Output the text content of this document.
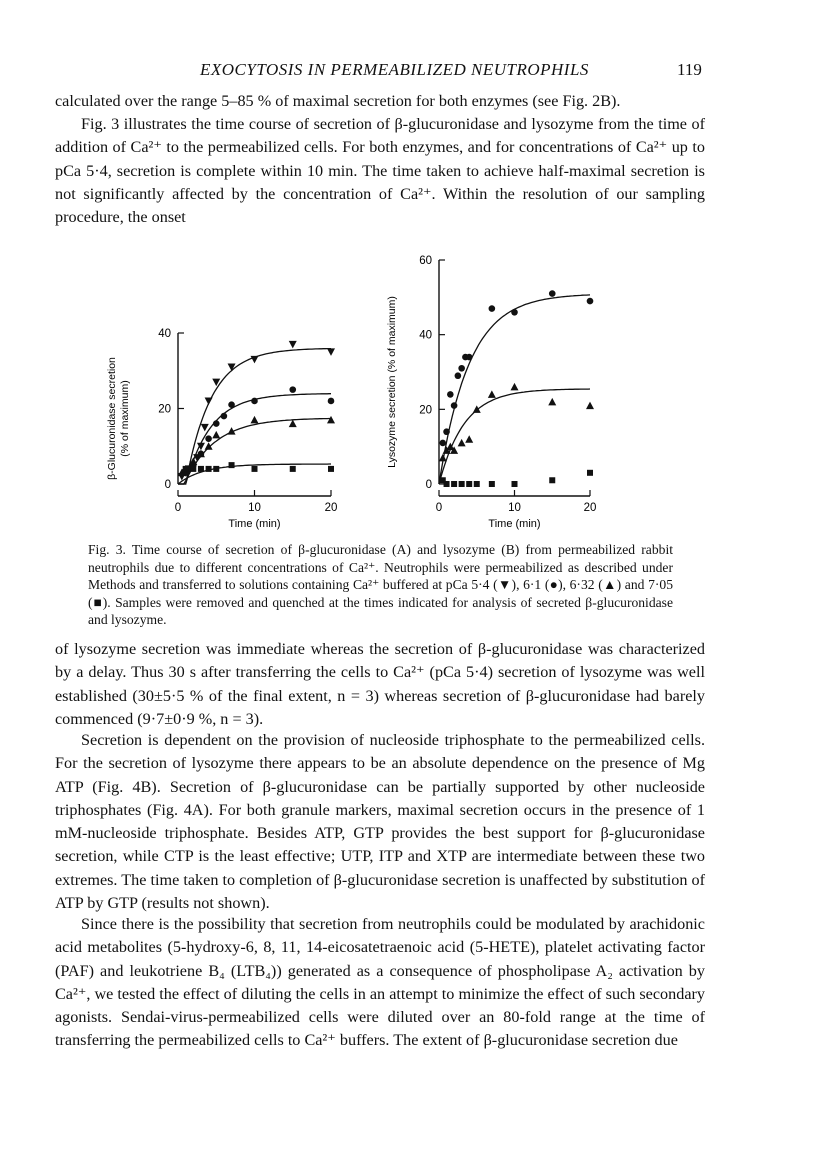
EXOCYTOSIS IN PERMEABILIZED NEUTROPHILS	119

calculated over the range 5–85 % of maximal secretion for both enzymes (see Fig. 2B).

Fig. 3 illustrates the time course of secretion of β-glucuronidase and lysozyme from the time of addition of Ca²⁺ to the permeabilized cells. For both enzymes, and for concentrations of Ca²⁺ up to pCa 5·4, secretion is complete within 10 min. The time taken to achieve half-maximal secretion is not significantly affected by the concentration of Ca²⁺. Within the resolution of our sampling procedure, the onset

0
20
40
0	10	20
Time (min)
β-Glucuronidase secretion(% of maximum)
0
20
40
60
0	10	20
Time (min)
Lysozyme secretion (% of maximum)

Fig. 3. Time course of secretion of β-glucuronidase (A) and lysozyme (B) from permeabilized rabbit neutrophils due to different concentrations of Ca²⁺. Neutrophils were permeabilized as described under Methods and transferred to solutions containing Ca²⁺ buffered at pCa 5·4 (▼), 6·1 (●), 6·32 (▲) and 7·05 (■). Samples were removed and quenched at the times indicated for analysis of secreted β-glucuronidase and lysozyme.

of lysozyme secretion was immediate whereas the secretion of β-glucuronidase was characterized by a delay. Thus 30 s after transferring the cells to Ca²⁺ (pCa 5·4) secretion of lysozyme was well established (30±5·5 % of the final extent, n = 3) whereas secretion of β-glucuronidase had barely commenced (9·7±0·9 %, n = 3).

Secretion is dependent on the provision of nucleoside triphosphate to the permeabilized cells. For the secretion of lysozyme there appears to be an absolute dependence on the presence of Mg ATP (Fig. 4B). Secretion of β-glucuronidase can be partially supported by other nucleoside triphosphates (Fig. 4A). For both granule markers, maximal secretion occurs in the presence of 1 mM-nucleoside triphosphate. Besides ATP, GTP provides the best support for β-glucuronidase secretion, while CTP is the least effective; UTP, ITP and XTP are intermediate between these two extremes. The time taken to completion of β-glucuronidase secretion is unaffected by substitution of ATP by GTP (results not shown).

Since there is the possibility that secretion from neutrophils could be modulated by arachidonic acid metabolites (5-hydroxy-6, 8, 11, 14-eicosatetraenoic acid (5-HETE), platelet activating factor (PAF) and leukotriene B₄ (LTB₄)) generated as a consequence of phospholipase A₂ activation by Ca²⁺, we tested the effect of diluting the cells in an attempt to minimize the effect of such secondary agonists. Sendai-virus-permeabilized cells were diluted over an 80-fold range at the time of transferring the permeabilized cells to Ca²⁺ buffers. The extent of β-glucuronidase secretion due
